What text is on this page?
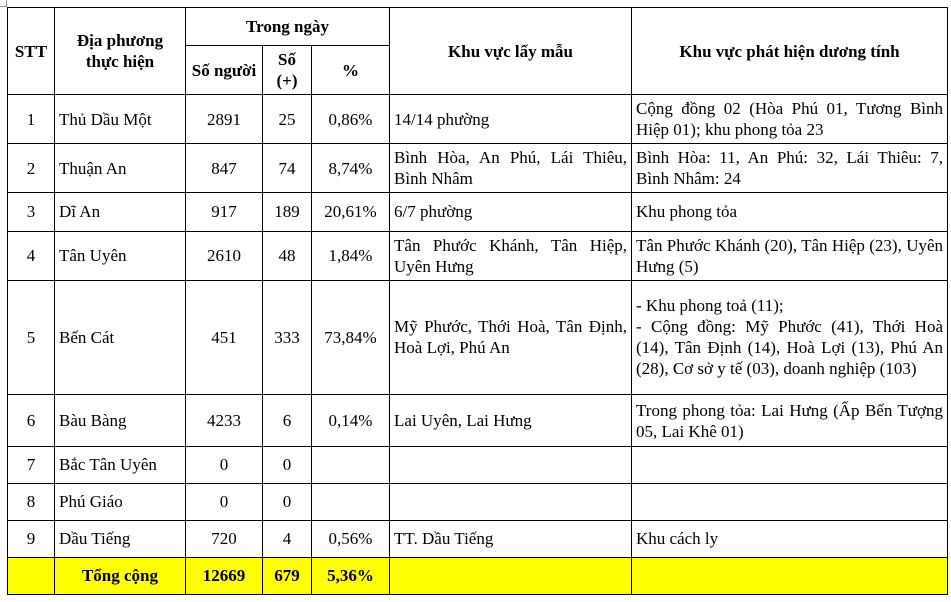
STT	Địa phương thực hiện	Trong ngày			Khu vực lấy mẫu	Khu vực phát hiện dương tính
		Số người	Số (+)	%		
1	Thủ Dầu Một	2891	25	0,86%	14/14 phường	Cộng đồng 02 (Hòa Phú 01, Tương Bình Hiệp 01); khu phong tỏa 23
2	Thuận An	847	74	8,74%	Bình Hòa, An Phú, Lái Thiêu, Bình Nhâm	Bình Hòa: 11, An Phú: 32, Lái Thiêu: 7, Bình Nhâm: 24
3	Dĩ An	917	189	20,61%	6/7 phường	Khu phong tỏa
4	Tân Uyên	2610	48	1,84%	Tân Phước Khánh, Tân Hiệp, Uyên Hưng	Tân Phước Khánh (20), Tân Hiệp (23), Uyên Hưng (5)
5	Bến Cát	451	333	73,84%	Mỹ Phước, Thới Hoà, Tân Định, Hoà Lợi, Phú An	- Khu phong toả (11);
- Cộng đồng: Mỹ Phước (41), Thới Hoà (14), Tân Định (14), Hoà Lợi (13), Phú An (28), Cơ sở y tế (03), doanh nghiệp (103)

6	Bàu Bàng	4233	6	0,14%	Lai Uyên, Lai Hưng	Trong phong tỏa: Lai Hưng (Ấp Bến Tượng 05, Lai Khê 01)
7	Bắc Tân Uyên	0	0			
8	Phú Giáo	0	0			
9	Dầu Tiếng	720	4	0,56%	TT. Dầu Tiếng	Khu cách ly
	Tổng cộng	12669	679	5,36%		
